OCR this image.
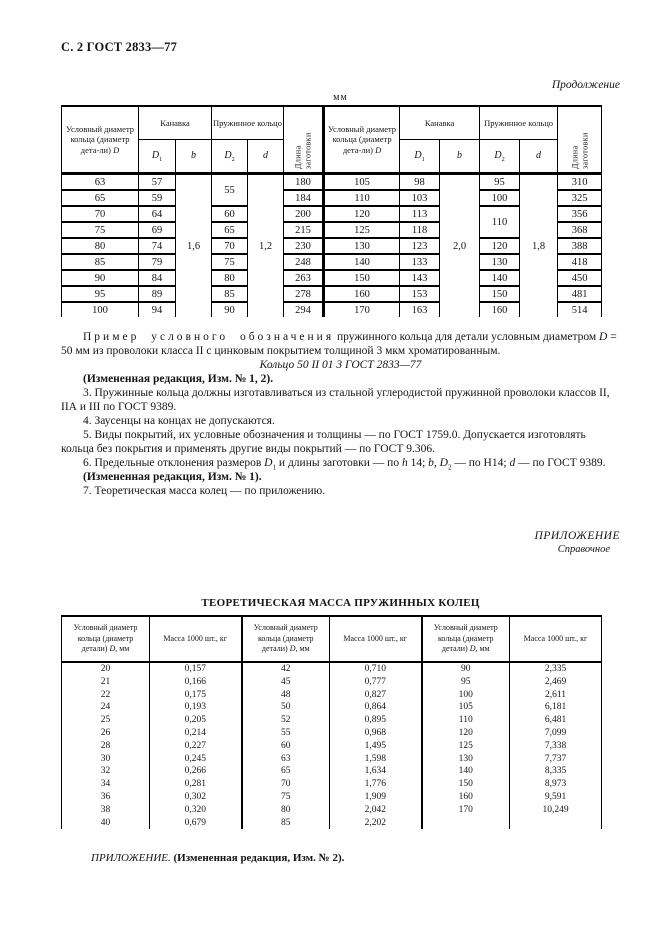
С. 2 ГОСТ 2833—77
Продолжение
мм
Условный диаметр кольца (диаметр дета-ли) D	Канавка		Пружинное кольцо		Длина заготовки	Условный диаметр кольца (диаметр дета-ли) D	Канавка		Пружинное кольцо		Длина заготовки

	$D_1$	b	$D_2$	d			$D_1$	b	$D_2$	d	
63	57	1,6	55	1,2	180	105	98	2,0	95	1,8	310
65	59				184	110	103		100		325
70	64		60		200	120	113		110		356
75	69		65		215	125	118				368
80	74		70		230	130	123		120		388
85	79		75		248	140	133		130		418
90	84		80		263	150	143		140		450
95	89		85		278	160	153		150		481
100	94		90		294	170	163		160		514

Пример условного обозначения пружинного кольца для детали условным диаметром D = 50 мм из проволоки класса II с цинковым покрытием толщиной 3 мкм хроматированным.

Кольцо 50 II 01 3 ГОСТ 2833—77

(Измененная редакция, Изм. № 1, 2).

3. Пружинные кольца должны изготавливаться из стальной углеродистой пружинной проволоки классов II, IIА и III по ГОСТ 9389.

4. Заусенцы на концах не допускаются.

5. Виды покрытий, их условные обозначения и толщины — по ГОСТ 1759.0. Допускается изготовлять кольца без покрытия и применять другие виды покрытий — по ГОСТ 9.306.

6. Предельные отклонения размеров $D_1$ и длины заготовки — по h 14; b, $D_2$ — по Н14; d — по ГОСТ 9389.

(Измененная редакция, Изм. № 1).

7. Теоретическая масса колец — по приложению.

ПРИЛОЖЕНИЕ
Справочное
ТЕОРЕТИЧЕСКАЯ МАССА ПРУЖИННЫХ КОЛЕЦ
Условный диаметр кольца (диаметр детали) D, мм	Масса 1000 шт., кг	Условный диаметр кольца (диаметр детали) D, мм	Масса 1000 шт., кг	Условный диаметр кольца (диаметр детали) D, мм	Масса 1000 шт., кг
20	0,157	42	0,710	90	2,335
21	0,166	45	0,777	95	2,469
22	0,175	48	0,827	100	2,611
24	0,193	50	0,864	105	6,181
25	0,205	52	0,895	110	6,481
26	0,214	55	0,968	120	7,099
28	0,227	60	1,495	125	7,338
30	0,245	63	1,598	130	7,737
32	0,266	65	1,634	140	8,335
34	0,281	70	1,776	150	8,973
36	0,302	75	1,909	160	9,591
38	0,320	80	2,042	170	10,249
40	0,679	85	2,202		
ПРИЛОЖЕНИЕ. (Измененная редакция, Изм. № 2).
